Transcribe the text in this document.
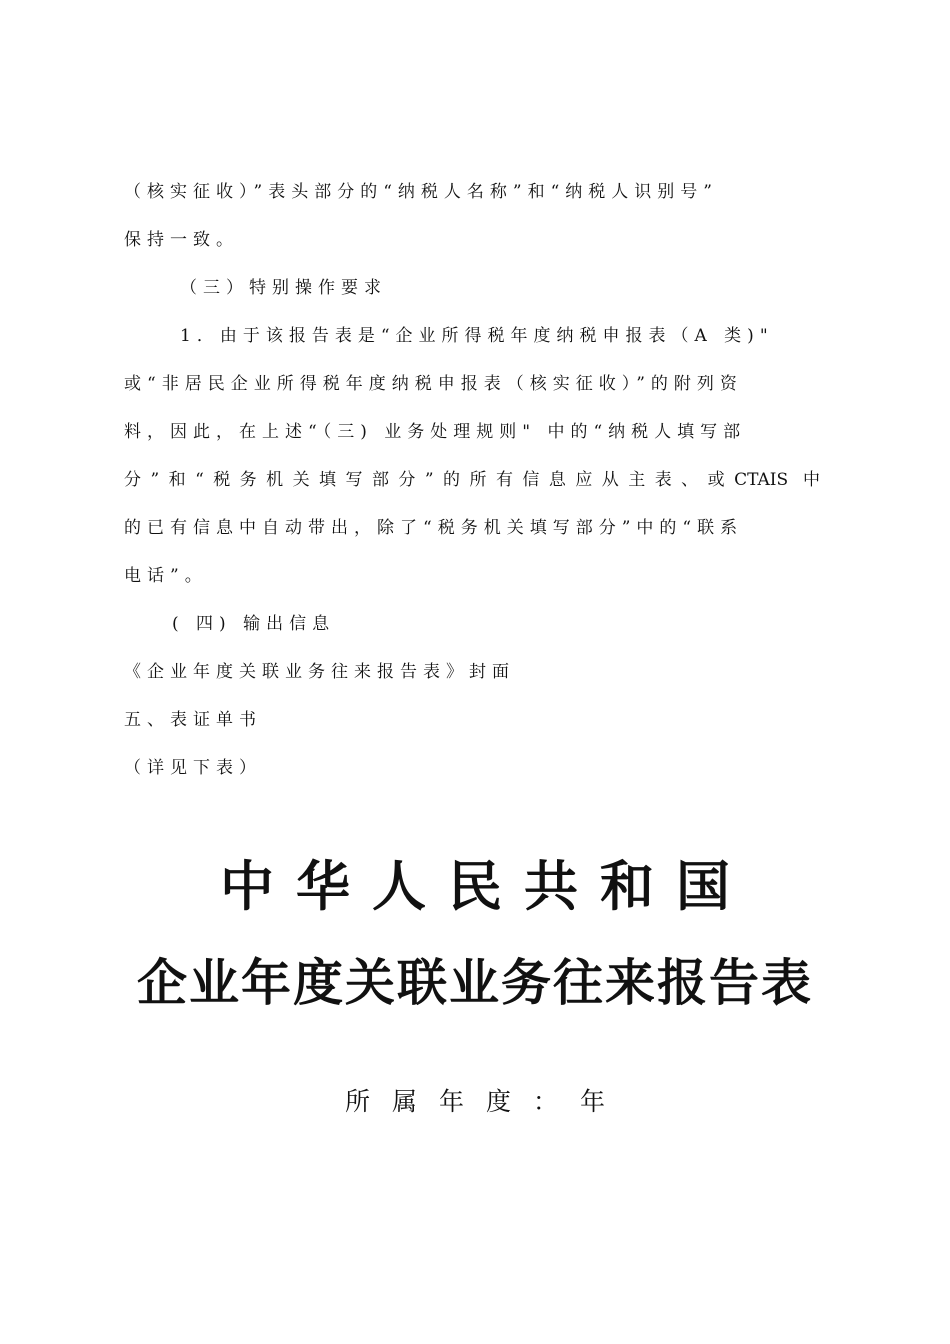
（核实征收）”表头部分的“纳税人名称”和“纳税人识别号”
保持一致。
（三）特别操作要求
1．由于该报告表是“企业所得税年度纳税申报表（A 类)"
或“非居民企业所得税年度纳税申报表（核实征收）”的附列资
料，因此，在上述“（三) 业务处理规则" 中的“纳税人填写部
分”和“税务机关填写部分”的所有信息应从主表、或CTAIS 中
的已有信息中自动带出，除了“税务机关填写部分”中的“联系
电话”。
( 四) 输出信息
《企业年度关联业务往来报告表》封面
五、表证单书
（详见下表）
中华人民共和国
企业年度关联业务往来报告表
所属年度：年
